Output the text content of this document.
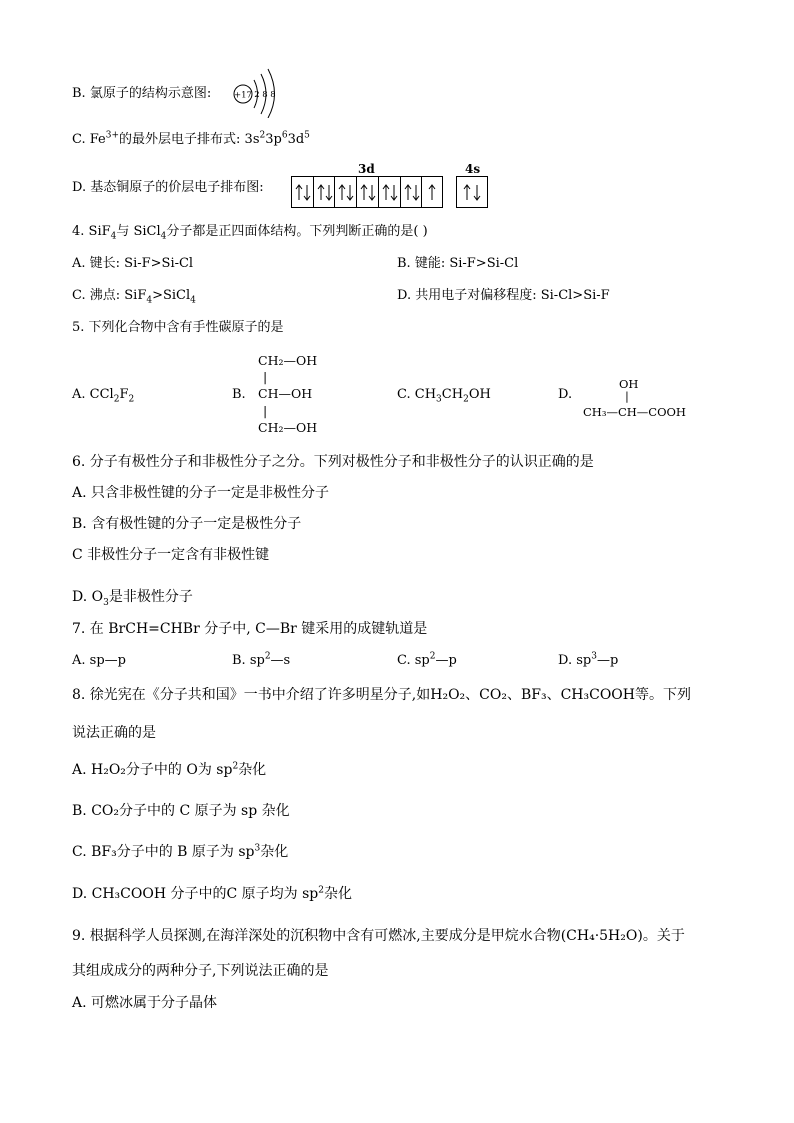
B. 氯原子的结构示意图:	+17 2 8 8
C. $Fe^{3+}$的最外层电子排布式: $3s^23p^63d^5$
D. 基态铜原子的价层电子排布图:
3d	4s
4. SiF$_4$与 SiCl$_4$分子都是正四面体结构。下列判断正确的是( )
A. 键长: Si-F>Si-Cl	B. 键能: Si-F>Si-Cl
C. 沸点: SiF$_4$>SiCl$_4$	D. 共用电子对偏移程度: Si-Cl>Si-F
5. 下列化合物中含有手性碳原子的是
A. $CCl_2F_2$	B.
CH₂—OH
|
CH—OH
|
CH₂—OH
C. $CH_3CH_2OH$	D.
OH
|
CH₃—CH—COOH
6. 分子有极性分子和非极性分子之分。下列对极性分子和非极性分子的认识正确的是
A. 只含非极性键的分子一定是非极性分子
B. 含有极性键的分子一定是极性分子
C 非极性分子一定含有非极性键
D. $O_3$是非极性分子
7. 在 BrCH=CHBr 分子中, C—Br 键采用的成键轨道是
A. sp—p	B. $sp^2—s$	C. $sp^2—p$	D. $sp^3—p$
8. 徐光宪在《分子共和国》一书中介绍了许多明星分子,如H₂O₂、CO₂、BF₃、CH₃COOH等。下列
说法正确的是
A. H₂O₂分子中的 O为 $sp^2$杂化
B. CO₂分子中的 C 原子为 sp 杂化
C. BF₃分子中的 B 原子为 $sp^3$杂化
D. CH₃COOH 分子中的C 原子均为 $sp^2$杂化
9. 根据科学人员探测,在海洋深处的沉积物中含有可燃冰,主要成分是甲烷水合物(CH₄·5H₂O)。关于
其组成成分的两种分子,下列说法正确的是
A. 可燃冰属于分子晶体
